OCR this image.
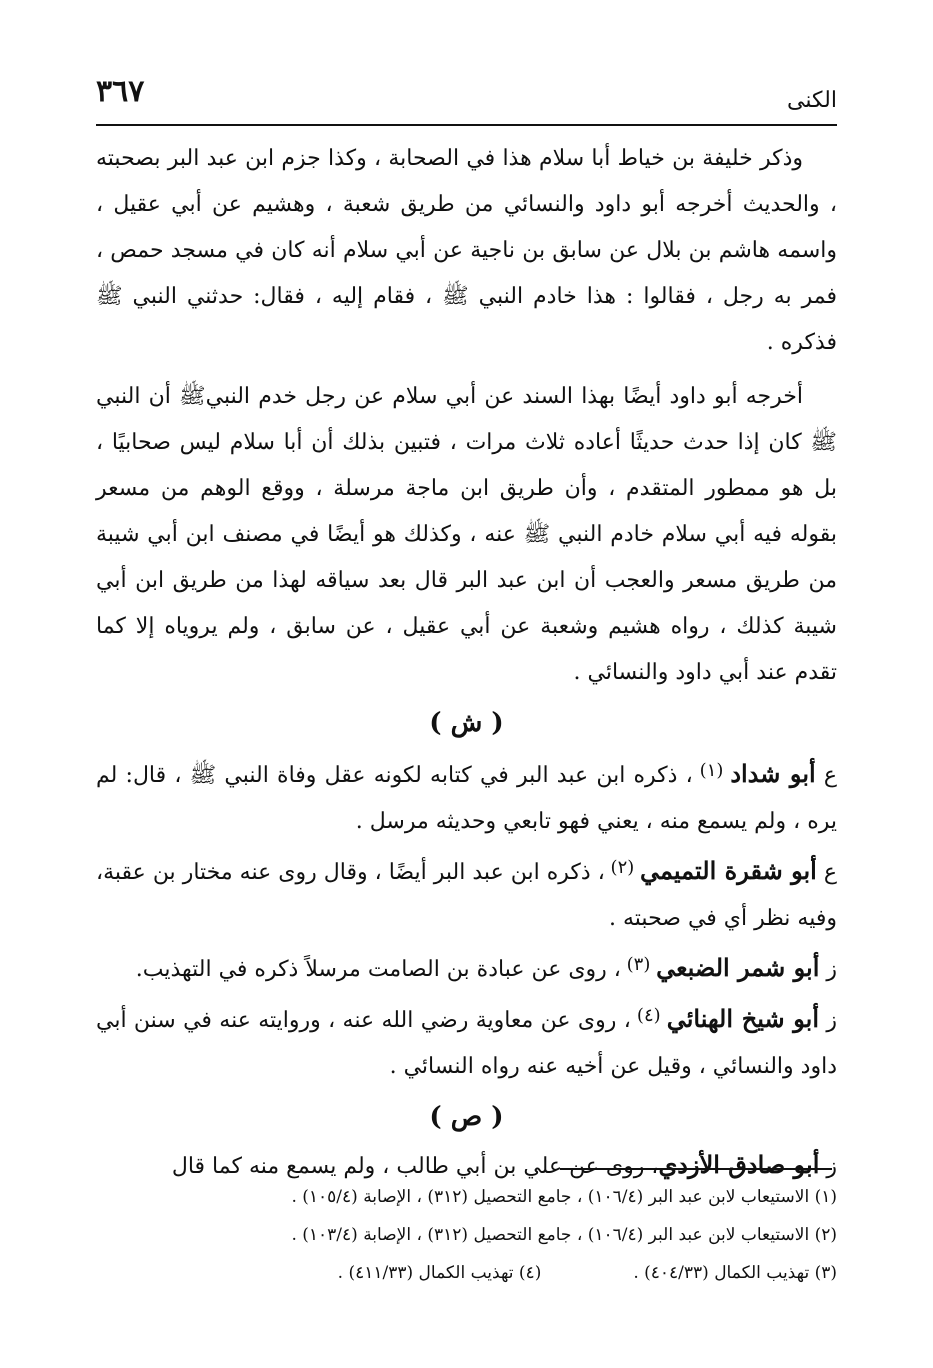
٣٦٧	الكنى

وذكر خليفة بن خياط أبا سلام هذا في الصحابة ، وكذا جزم ابن عبد البر بصحبته ، والحديث أخرجه أبو داود والنسائي من طريق شعبة ، وهشيم عن أبي عقيل ، واسمه هاشم بن بلال عن سابق بن ناجية عن أبي سلام أنه كان في مسجد حمص ، فمر به رجل ، فقالوا : هذا خادم النبي ﷺ ، فقام إليه ، فقال: حدثني النبي ﷺ فذكره .

أخرجه أبو داود أيضًا بهذا السند عن أبي سلام عن رجل خدم النبيﷺ أن النبي ﷺ كان إذا حدث حديثًا أعاده ثلاث مرات ، فتبين بذلك أن أبا سلام ليس صحابيًا ، بل هو ممطور المتقدم ، وأن طريق ابن ماجة مرسلة ، ووقع الوهم من مسعر بقوله فيه أبي سلام خادم النبي ﷺ عنه ، وكذلك هو أيضًا في مصنف ابن أبي شيبة من طريق مسعر والعجب أن ابن عبد البر قال بعد سياقه لهذا من طريق ابن أبي شيبة كذلك ، رواه هشيم وشعبة عن أبي عقيل ، عن سابق ، ولم يروياه إلا كما تقدم عند أبي داود والنسائي .

( ش )

ع أبو شداد $^{(١)}$ ، ذكره ابن عبد البر في كتابه لكونه عقل وفاة النبي ﷺ ، قال: لم يره ، ولم يسمع منه ، يعني فهو تابعي وحديثه مرسل .

ع أبو شقرة التميمي $^{(٢)}$ ، ذكره ابن عبد البر أيضًا ، وقال روى عنه مختار بن عقبة، وفيه نظر أي في صحبته .

ز أبو شمر الضبعي $^{(٣)}$ ، روى عن عبادة بن الصامت مرسلاً ذكره في التهذيب.

ز أبو شيخ الهنائي $^{(٤)}$ ، روى عن معاوية رضي الله عنه ، وروايته عنه في سنن أبي داود والنسائي ، وقيل عن أخيه عنه رواه النسائي .

( ص )

ز أبو صادق الأزدي، روى عن علي بن أبي طالب ، ولم يسمع منه كما قال

(١) الاستيعاب لابن عبد البر (١٠٦/٤) ، جامع التحصيل (٣١٢) ، الإصابة (١٠٥/٤) .

(٢) الاستيعاب لابن عبد البر (١٠٦/٤) ، جامع التحصيل (٣١٢) ، الإصابة (١٠٣/٤) .

(٣) تهذيب الكمال (٤٠٤/٣٣) .
(٤) تهذيب الكمال (٤١١/٣٣) .
